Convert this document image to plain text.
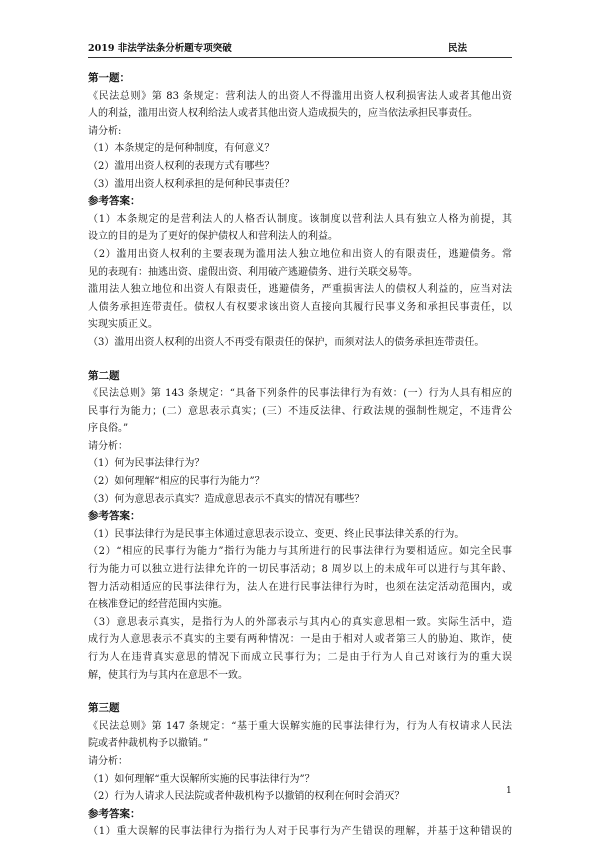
2019 非法学法条分析题专项突破	民法
第一题：
《民法总则》第 83 条规定：营利法人的出资人不得滥用出资人权利损害法人或者其他出资
人的利益，滥用出资人权利给法人或者其他出资人造成损失的，应当依法承担民事责任。
请分析:
（1）本条规定的是何种制度，有何意义？
（2）滥用出资人权利的表现方式有哪些？
（3）滥用出资人权利承担的是何种民事责任？
参考答案：
（1）本条规定的是营利法人的人格否认制度。该制度以营利法人具有独立人格为前提，其
设立的目的是为了更好的保护债权人和营利法人的利益。
（2）滥用出资人权利的主要表现为滥用法人独立地位和出资人的有限责任，逃避债务。常
见的表现有：抽逃出资、虚假出资、利用破产逃避债务、进行关联交易等。
滥用法人独立地位和出资人有限责任，逃避债务，严重损害法人的债权人利益的，应当对法
人债务承担连带责任。债权人有权要求该出资人直接向其履行民事义务和承担民事责任，以
实现实质正义。
（3）滥用出资人权利的出资人不再受有限责任的保护，而须对法人的债务承担连带责任。
第二题
《民法总则》第 143 条规定：“具备下列条件的民事法律行为有效：(一）行为人具有相应的
民事行为能力；(二）意思表示真实；(三）不违反法律、行政法规的强制性规定，不违背公
序良俗。”
请分析：
（1）何为民事法律行为？
（2）如何理解“相应的民事行为能力”？
（3）何为意思表示真实？造成意思表示不真实的情况有哪些？
参考答案：
（1）民事法律行为是民事主体通过意思表示设立、变更、终止民事法律关系的行为。
（2）“相应的民事行为能力”指行为能力与其所进行的民事法律行为要相适应。如完全民事
行为能力可以独立进行法律允许的一切民事活动；8 周岁以上的未成年可以进行与其年龄、
智力活动相适应的民事法律行为，法人在进行民事法律行为时，也须在法定活动范围内，或
在核准登记的经营范围内实施。
（3）意思表示真实，是指行为人的外部表示与其内心的真实意思相一致。实际生活中，造
成行为人意思表示不真实的主要有两种情况：一是由于相对人或者第三人的胁迫、欺诈，使
行为人在违背真实意思的情况下而成立民事行为；二是由于行为人自己对该行为的重大误
解，使其行为与其内在意思不一致。
第三题
《民法总则》第 147 条规定：“基于重大误解实施的民事法律行为，行为人有权请求人民法
院或者仲裁机构予以撤销。”
请分析：
（1）如何理解“重大误解所实施的民事法律行为”？
（2）行为人请求人民法院或者仲裁机构予以撤销的权利在何时会消灭？
参考答案：
（1）重大误解的民事法律行为指行为人对于民事行为产生错误的理解，并基于这种错误的
1
